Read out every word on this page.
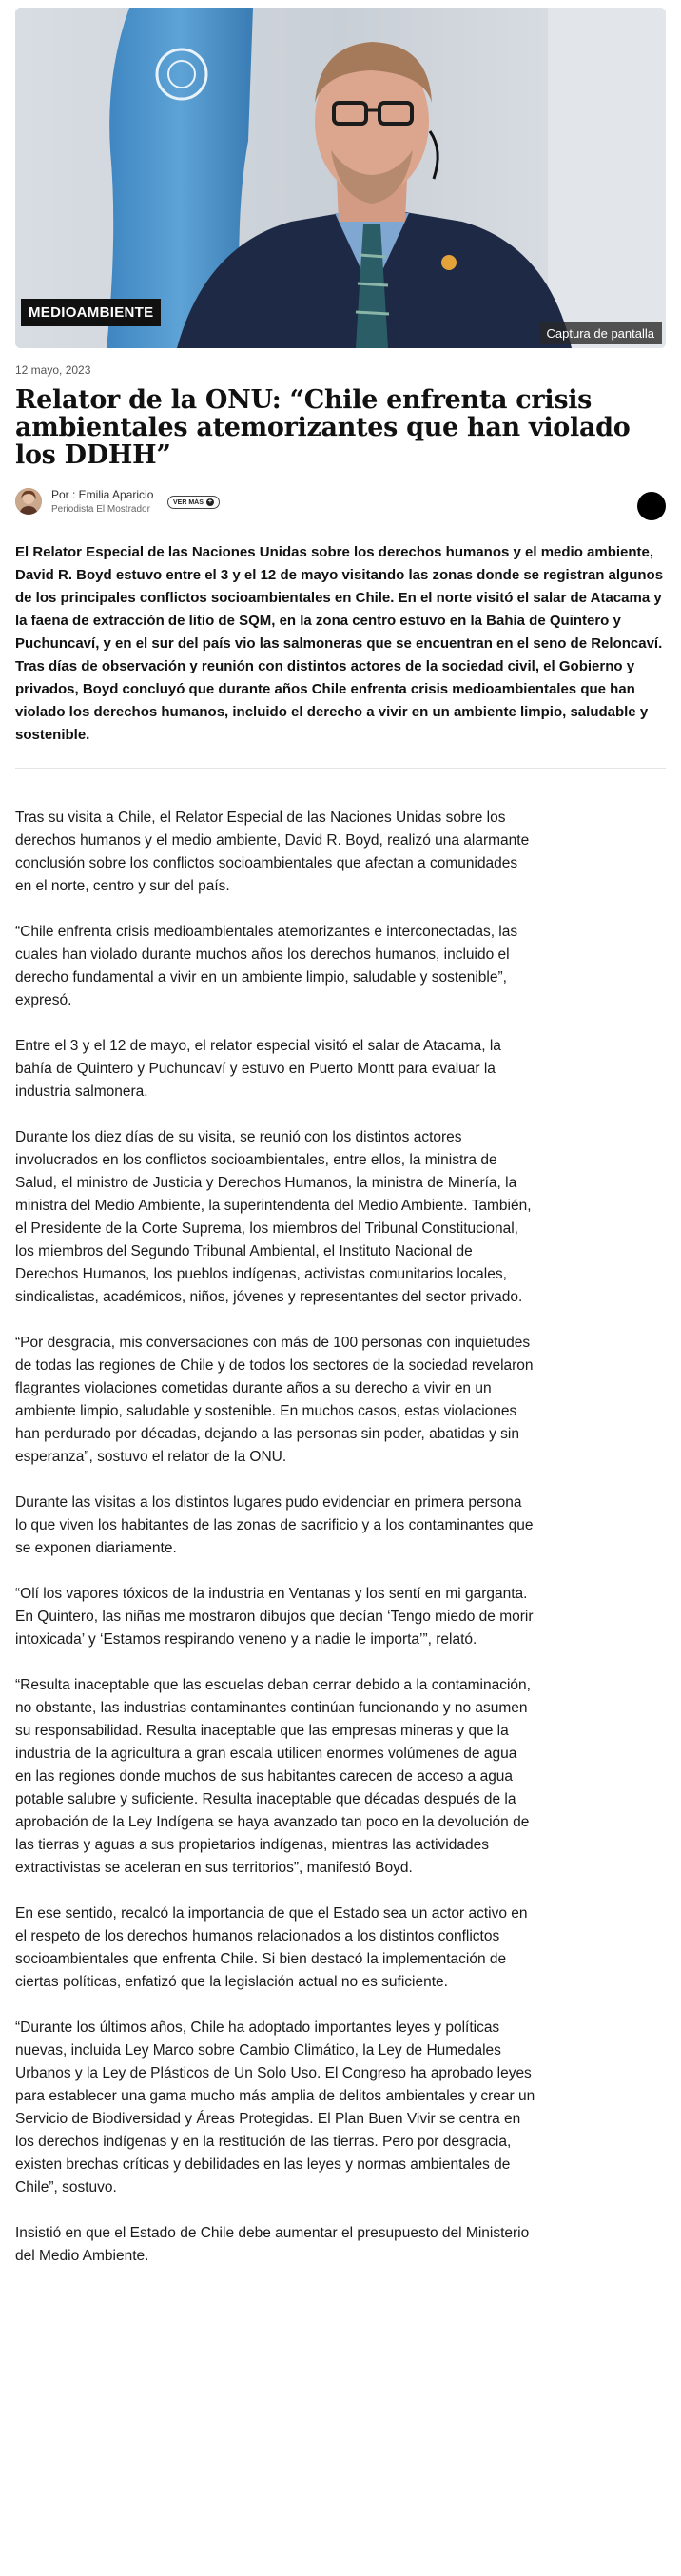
MEDIOAMBIENTE
Captura de pantalla
12 mayo, 2023
Relator de la ONU: “Chile enfrenta crisis ambientales atemorizantes que han violado los DDHH”
Por : Emilia Aparicio
Periodista El Mostrador
VER MÁS +
El Relator Especial de las Naciones Unidas sobre los derechos humanos y el medio ambiente, David R. Boyd estuvo entre el 3 y el 12 de mayo visitando las zonas donde se registran algunos de los principales conflictos socioambientales en Chile. En el norte visitó el salar de Atacama y la faena de extracción de litio de SQM, en la zona centro estuvo en la Bahía de Quintero y Puchuncaví, y en el sur del país vio las salmoneras que se encuentran en el seno de Reloncaví. Tras días de observación y reunión con distintos actores de la sociedad civil, el Gobierno y privados, Boyd concluyó que durante años Chile enfrenta crisis medioambientales que han violado los derechos humanos, incluido el derecho a vivir en un ambiente limpio, saludable y sostenible.

Tras su visita a Chile, el Relator Especial de las Naciones Unidas sobre los derechos humanos y el medio ambiente, David R. Boyd, realizó una alarmante conclusión sobre los conflictos socioambientales que afectan a comunidades en el norte, centro y sur del país.

“Chile enfrenta crisis medioambientales atemorizantes e interconectadas, las cuales han violado durante muchos años los derechos humanos, incluido el derecho fundamental a vivir en un ambiente limpio, saludable y sostenible”, expresó.

Entre el 3 y el 12 de mayo, el relator especial visitó el salar de Atacama, la bahía de Quintero y Puchuncaví y estuvo en Puerto Montt para evaluar la industria salmonera.

Durante los diez días de su visita, se reunió con los distintos actores involucrados en los conflictos socioambientales, entre ellos, la ministra de Salud, el ministro de Justicia y Derechos Humanos, la ministra de Minería, la ministra del Medio Ambiente, la superintendenta del Medio Ambiente. También, el Presidente de la Corte Suprema, los miembros del Tribunal Constitucional, los miembros del Segundo Tribunal Ambiental, el Instituto Nacional de Derechos Humanos, los pueblos indígenas, activistas comunitarios locales, sindicalistas, académicos, niños, jóvenes y representantes del sector privado.

“Por desgracia, mis conversaciones con más de 100 personas con inquietudes de todas las regiones de Chile y de todos los sectores de la sociedad revelaron flagrantes violaciones cometidas durante años a su derecho a vivir en un ambiente limpio, saludable y sostenible. En muchos casos, estas violaciones han perdurado por décadas, dejando a las personas sin poder, abatidas y sin esperanza”, sostuvo el relator de la ONU.

Durante las visitas a los distintos lugares pudo evidenciar en primera persona lo que viven los habitantes de las zonas de sacrificio y a los contaminantes que se exponen diariamente.

“Olí los vapores tóxicos de la industria en Ventanas y los sentí en mi garganta. En Quintero, las niñas me mostraron dibujos que decían ‘Tengo miedo de morir intoxicada’ y ‘Estamos respirando veneno y a nadie le importa’”, relató.

“Resulta inaceptable que las escuelas deban cerrar debido a la contaminación, no obstante, las industrias contaminantes continúan funcionando y no asumen su responsabilidad. Resulta inaceptable que las empresas mineras y que la industria de la agricultura a gran escala utilicen enormes volúmenes de agua en las regiones donde muchos de sus habitantes carecen de acceso a agua potable salubre y suficiente. Resulta inaceptable que décadas después de la aprobación de la Ley Indígena se haya avanzado tan poco en la devolución de las tierras y aguas a sus propietarios indígenas, mientras las actividades extractivistas se aceleran en sus territorios”, manifestó Boyd.

En ese sentido, recalcó la importancia de que el Estado sea un actor activo en el respeto de los derechos humanos relacionados a los distintos conflictos socioambientales que enfrenta Chile. Si bien destacó la implementación de ciertas políticas, enfatizó que la legislación actual no es suficiente.

“Durante los últimos años, Chile ha adoptado importantes leyes y políticas nuevas, incluida Ley Marco sobre Cambio Climático, la Ley de Humedales Urbanos y la Ley de Plásticos de Un Solo Uso. El Congreso ha aprobado leyes para establecer una gama mucho más amplia de delitos ambientales y crear un Servicio de Biodiversidad y Áreas Protegidas. El Plan Buen Vivir se centra en los derechos indígenas y en la restitución de las tierras. Pero por desgracia, existen brechas críticas y debilidades en las leyes y normas ambientales de Chile”, sostuvo.

Insistió en que el Estado de Chile debe aumentar el presupuesto del Ministerio del Medio Ambiente.
